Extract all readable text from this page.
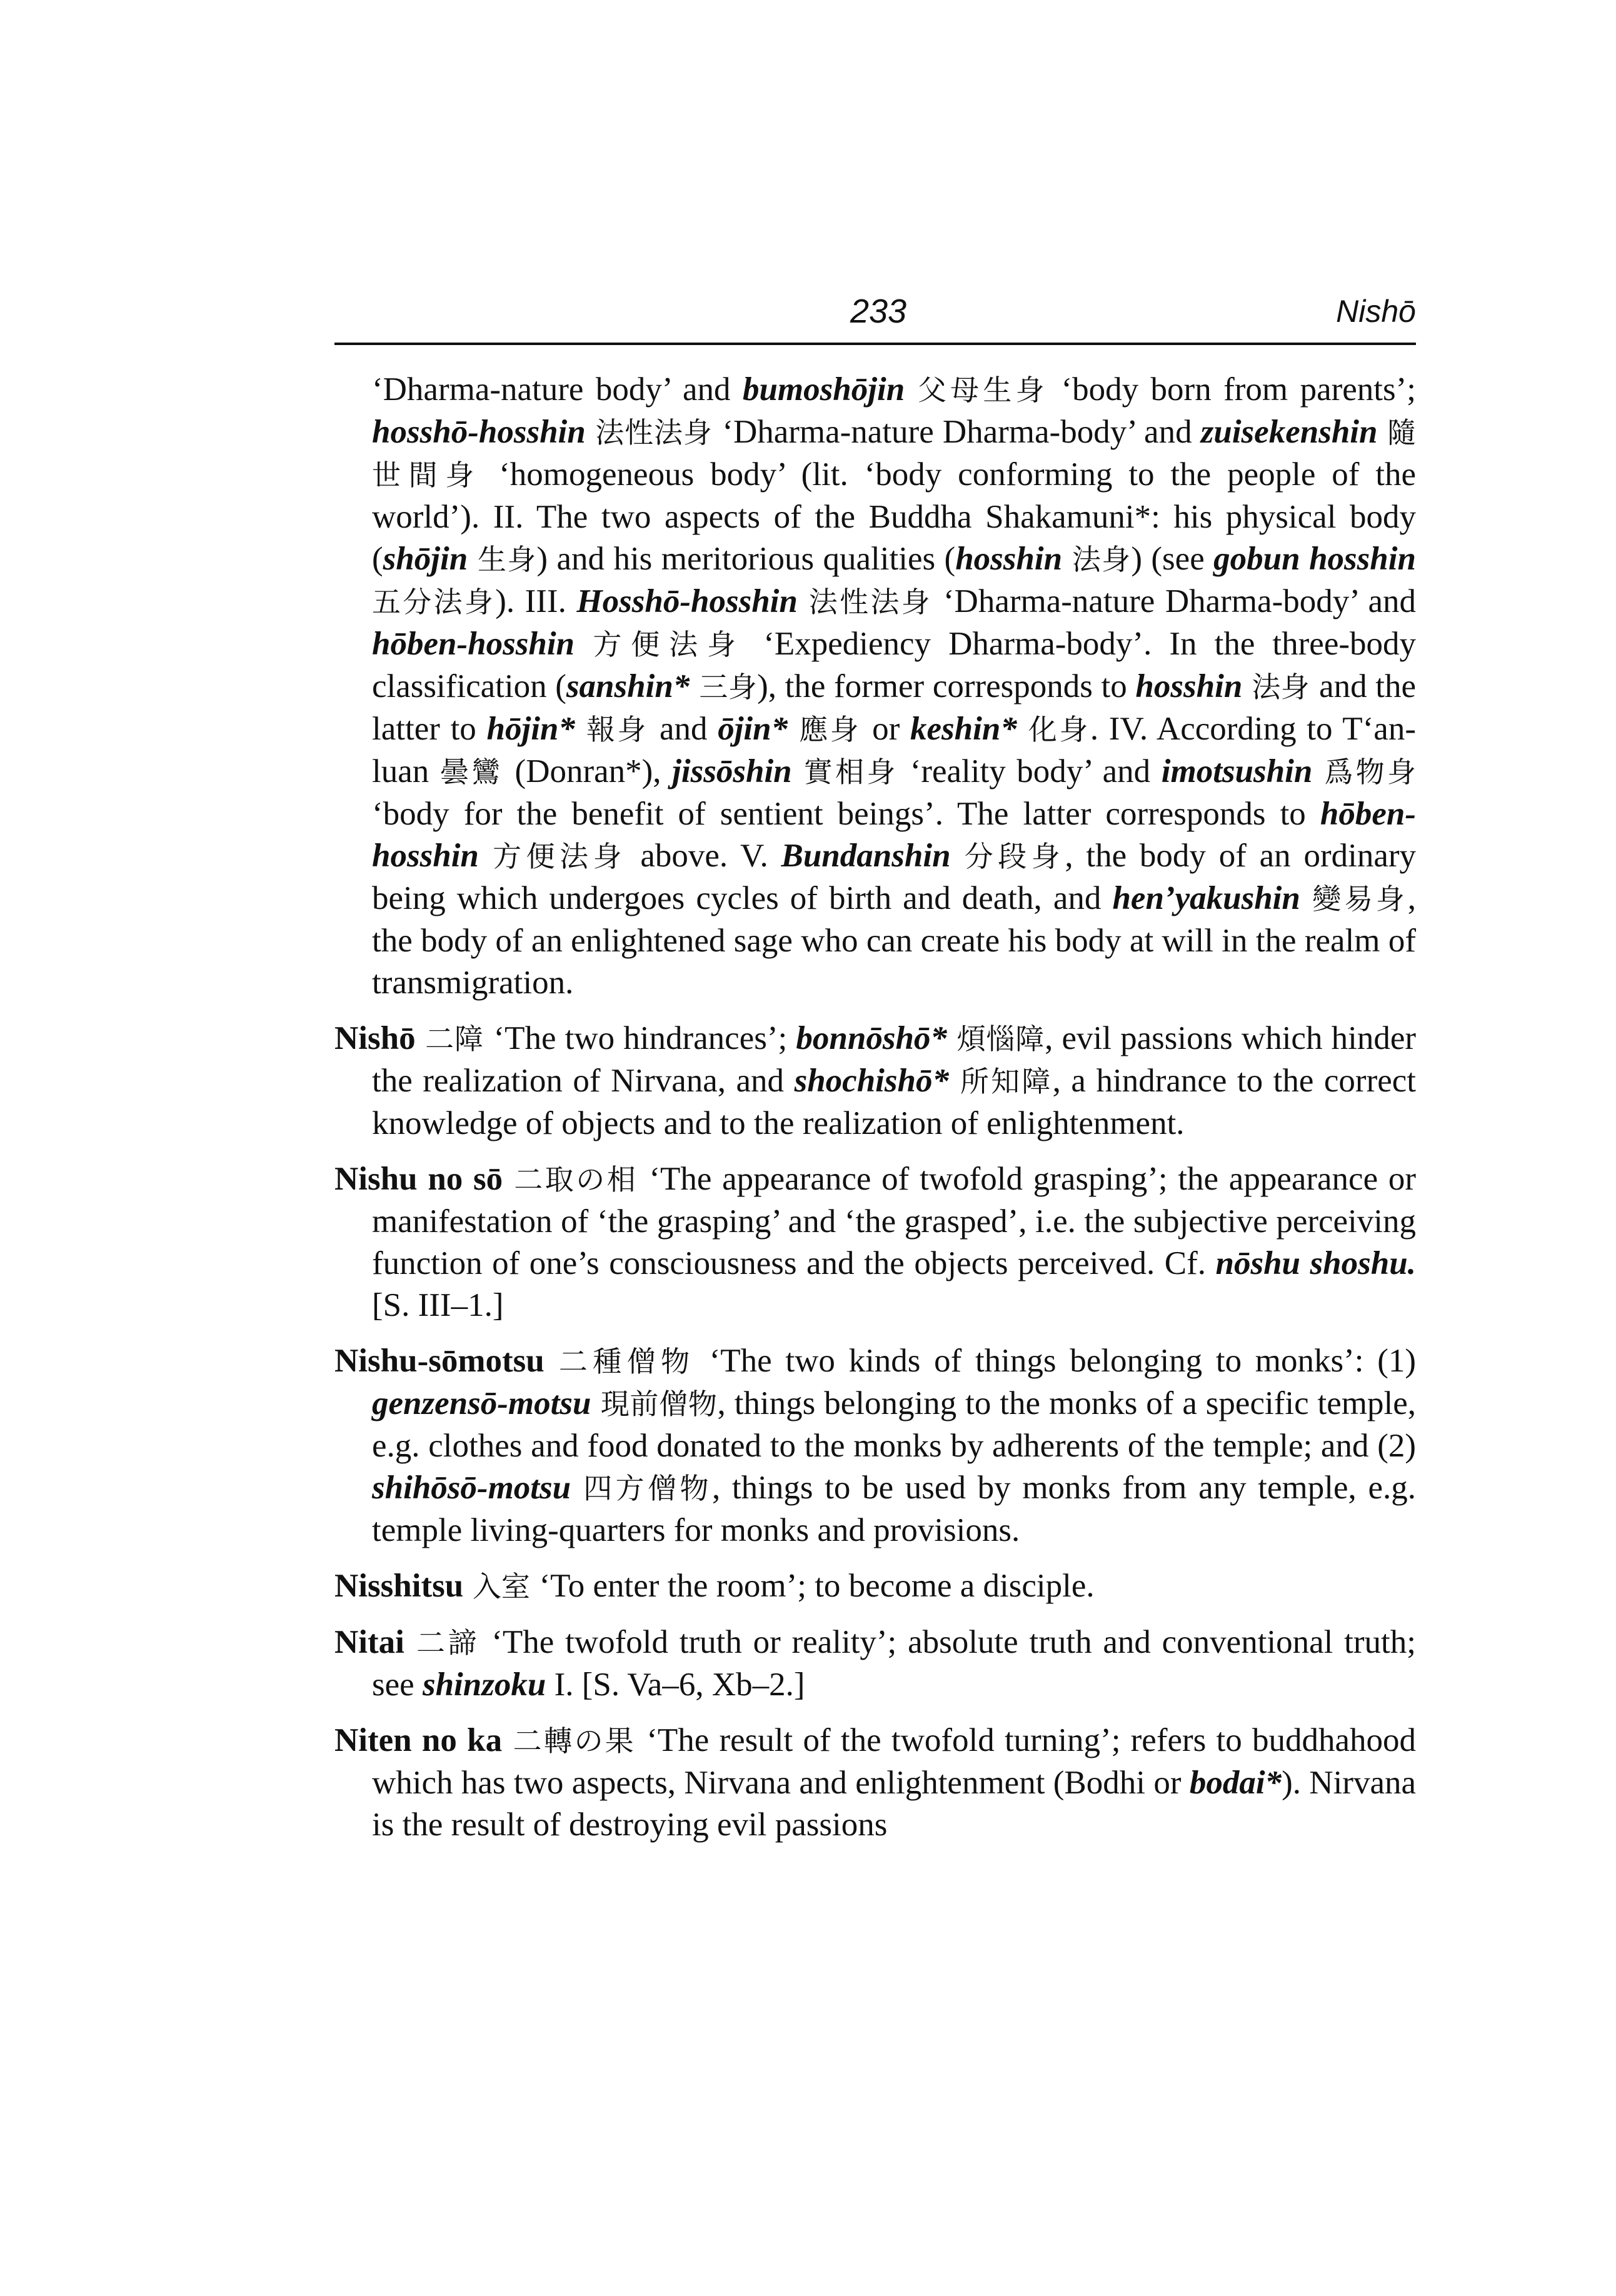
233	Nishō

‘Dharma-nature body’ and bumoshōjin 父母生身 ‘body born from parents’; hosshō-hosshin 法性法身 ‘Dharma-nature Dharma-body’ and zuisekenshin 隨世間身 ‘homogeneous body’ (lit. ‘body conforming to the people of the world’). II. The two aspects of the Buddha Shakamuni*: his physical body (shōjin 生身) and his meritorious qualities (hosshin 法身) (see gobun hosshin 五分法身). III. Hosshō-hosshin 法性法身 ‘Dharma-nature Dharma-body’ and hōben-hosshin 方便法身 ‘Expediency Dharma-body’. In the three-body classification (sanshin* 三身), the former corresponds to hosshin 法身 and the latter to hōjin* 報身 and ōjin* 應身 or keshin* 化身. IV. According to T‘an-luan 曇鸞 (Donran*), jissōshin 實相身 ‘reality body’ and imotsushin 爲物身 ‘body for the benefit of sentient beings’. The latter corresponds to hōben-hosshin 方便法身 above. V. Bundanshin 分段身, the body of an ordinary being which undergoes cycles of birth and death, and hen’yakushin 變易身, the body of an enlightened sage who can create his body at will in the realm of transmigration.

Nishō 二障 ‘The two hindrances’; bonnōshō* 煩惱障, evil passions which hinder the realization of Nirvana, and shochishō* 所知障, a hindrance to the correct knowledge of objects and to the realization of enlightenment.

Nishu no sō 二取の相 ‘The appearance of twofold grasping’; the appearance or manifestation of ‘the grasping’ and ‘the grasped’, i.e. the subjective perceiving function of one’s consciousness and the objects perceived. Cf. nōshu shoshu. [S. III–1.]

Nishu-sōmotsu 二種僧物 ‘The two kinds of things belonging to monks’: (1) genzensō-motsu 現前僧物, things belonging to the monks of a specific temple, e.g. clothes and food donated to the monks by adherents of the temple; and (2) shihōsō-motsu 四方僧物, things to be used by monks from any temple, e.g. temple living-quarters for monks and provisions.

Nisshitsu 入室 ‘To enter the room’; to become a disciple.

Nitai 二諦 ‘The twofold truth or reality’; absolute truth and conventional truth; see shinzoku I. [S. Va–6, Xb–2.]

Niten no ka 二轉の果 ‘The result of the twofold turning’; refers to buddhahood which has two aspects, Nirvana and enlightenment (Bodhi or bodai*). Nirvana is the result of destroying evil passions
